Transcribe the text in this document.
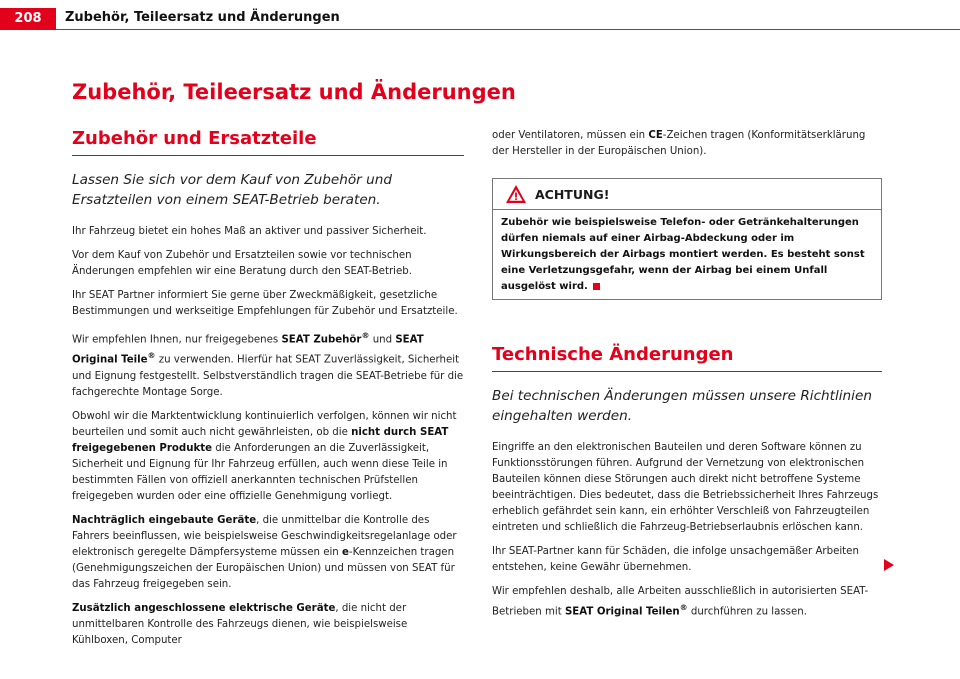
208	Zubehör, Teileersatz und Änderungen
Zubehör, Teileersatz und Änderungen
Zubehör und Ersatzteile
Lassen Sie sich vor dem Kauf von Zubehör und Ersatzteilen von einem SEAT-Betrieb beraten.

Ihr Fahrzeug bietet ein hohes Maß an aktiver und passiver Sicherheit.

Vor dem Kauf von Zubehör und Ersatzteilen sowie vor technischen Änderungen empfehlen wir eine Beratung durch den SEAT-Betrieb.

Ihr SEAT Partner informiert Sie gerne über Zweckmäßigkeit, gesetzliche Bestimmungen und werkseitige Empfehlungen für Zubehör und Ersatzteile.

Wir empfehlen Ihnen, nur freigegebenes SEAT Zubehör® und SEAT Original Teile® zu verwenden. Hierfür hat SEAT Zuverlässigkeit, Sicherheit und Eignung festgestellt. Selbstverständlich tragen die SEAT-Betriebe für die fachgerechte Montage Sorge.

Obwohl wir die Marktentwicklung kontinuierlich verfolgen, können wir nicht beurteilen und somit auch nicht gewährleisten, ob die nicht durch SEAT freigegebenen Produkte die Anforderungen an die Zuverlässigkeit, Sicherheit und Eignung für Ihr Fahrzeug erfüllen, auch wenn diese Teile in bestimmten Fällen von offiziell anerkannten technischen Prüfstellen freigegeben wurden oder eine offizielle Genehmigung vorliegt.

Nachträglich eingebaute Geräte, die unmittelbar die Kontrolle des Fahrers beeinflussen, wie beispielsweise Geschwindigkeitsregelanlage oder elektronisch geregelte Dämpfersysteme müssen ein e-Kennzeichen tragen (Genehmigungszeichen der Europäischen Union) und müssen von SEAT für das Fahrzeug freigegeben sein.

Zusätzlich angeschlossene elektrische Geräte, die nicht der unmittelbaren Kontrolle des Fahrzeugs dienen, wie beispielsweise Kühlboxen, Computer

oder Ventilatoren, müssen ein CE-Zeichen tragen (Konformitätserklärung der Hersteller in der Europäischen Union).

ACHTUNG!
Zubehör wie beispielsweise Telefon- oder Getränkehalterungen dürfen niemals auf einer Airbag-Abdeckung oder im Wirkungsbereich der Airbags montiert werden. Es besteht sonst eine Verletzungsgefahr, wenn der Airbag bei einem Unfall ausgelöst wird.
Technische Änderungen
Bei technischen Änderungen müssen unsere Richtlinien eingehalten werden.

Eingriffe an den elektronischen Bauteilen und deren Software können zu Funktionsstörungen führen. Aufgrund der Vernetzung von elektronischen Bauteilen können diese Störungen auch direkt nicht betroffene Systeme beeinträchtigen. Dies bedeutet, dass die Betriebssicherheit Ihres Fahrzeugs erheblich gefährdet sein kann, ein erhöhter Verschleiß von Fahrzeugteilen eintreten und schließlich die Fahrzeug-Betriebserlaubnis erlöschen kann.

Ihr SEAT-Partner kann für Schäden, die infolge unsachgemäßer Arbeiten entstehen, keine Gewähr übernehmen.

Wir empfehlen deshalb, alle Arbeiten ausschließlich in autorisierten SEAT-Betrieben mit SEAT Original Teilen® durchführen zu lassen.
